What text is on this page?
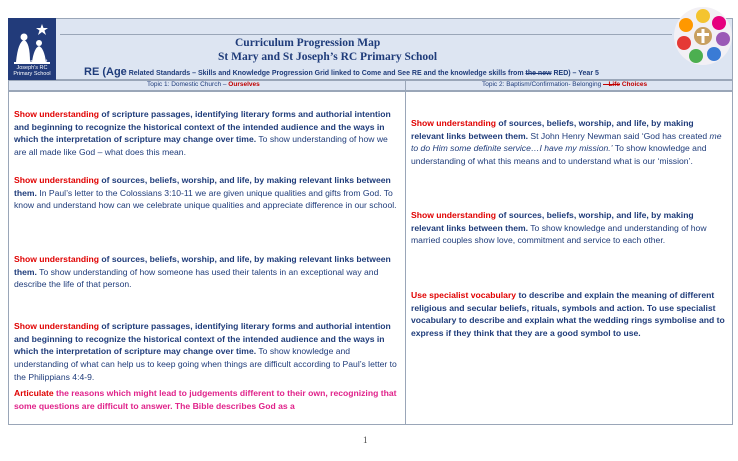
St Mary & St Joseph's RC Primary School
Curriculum Progression Map
St Mary and St Joseph’s RC Primary School
RE (Age Related Standards – Skills and Knowledge Progression Grid linked to Come and See RE and the knowledge skills from the new RED) – Year 5
Topic 1: Domestic Church – Ourselves	Topic 2: Baptism/Confirmation- Belonging – Life Choices

Show understanding of scripture passages, identifying literary forms and authorial intention and beginning to recognize the historical context of the intended audience and the ways in which the interpretation of scripture may change over time. To show understanding of how we are all made like God – what does this mean.

Show understanding of sources, beliefs, worship, and life, by making relevant links between them. In Paul’s letter to the Colossians 3:10-11 we are given unique qualities and gifts from God. To know and understand how can we celebrate unique qualities and appreciate difference in our school.

Show understanding of sources, beliefs, worship, and life, by making relevant links between them. To show understanding of how someone has used their talents in an exceptional way and describe the life of that person.

Show understanding of scripture passages, identifying literary forms and authorial intention and beginning to recognize the historical context of the intended audience and the ways in which the interpretation of scripture may change over time. To show knowledge and understanding of what can help us to keep going when things are difficult according to Paul’s letter to the Philippians 4:4-9.

Articulate the reasons which might lead to judgements different to their own, recognizing that some questions are difficult to answer. The Bible describes God as a

Show understanding of sources, beliefs, worship, and life, by making relevant links between them. St John Henry Newman said ‘God has created me to do Him some definite service…I have my mission.’ To show knowledge and understanding of what this means and to understand what is our ‘mission’.

Show understanding of sources, beliefs, worship, and life, by making relevant links between them. To show knowledge and understanding of how married couples show love, commitment and service to each other.

Use specialist vocabulary to describe and explain the meaning of different religious and secular beliefs, rituals, symbols and action. To use specialist vocabulary to describe and explain what the wedding rings symbolise and to express if they think that they are a good symbol to use.

1
